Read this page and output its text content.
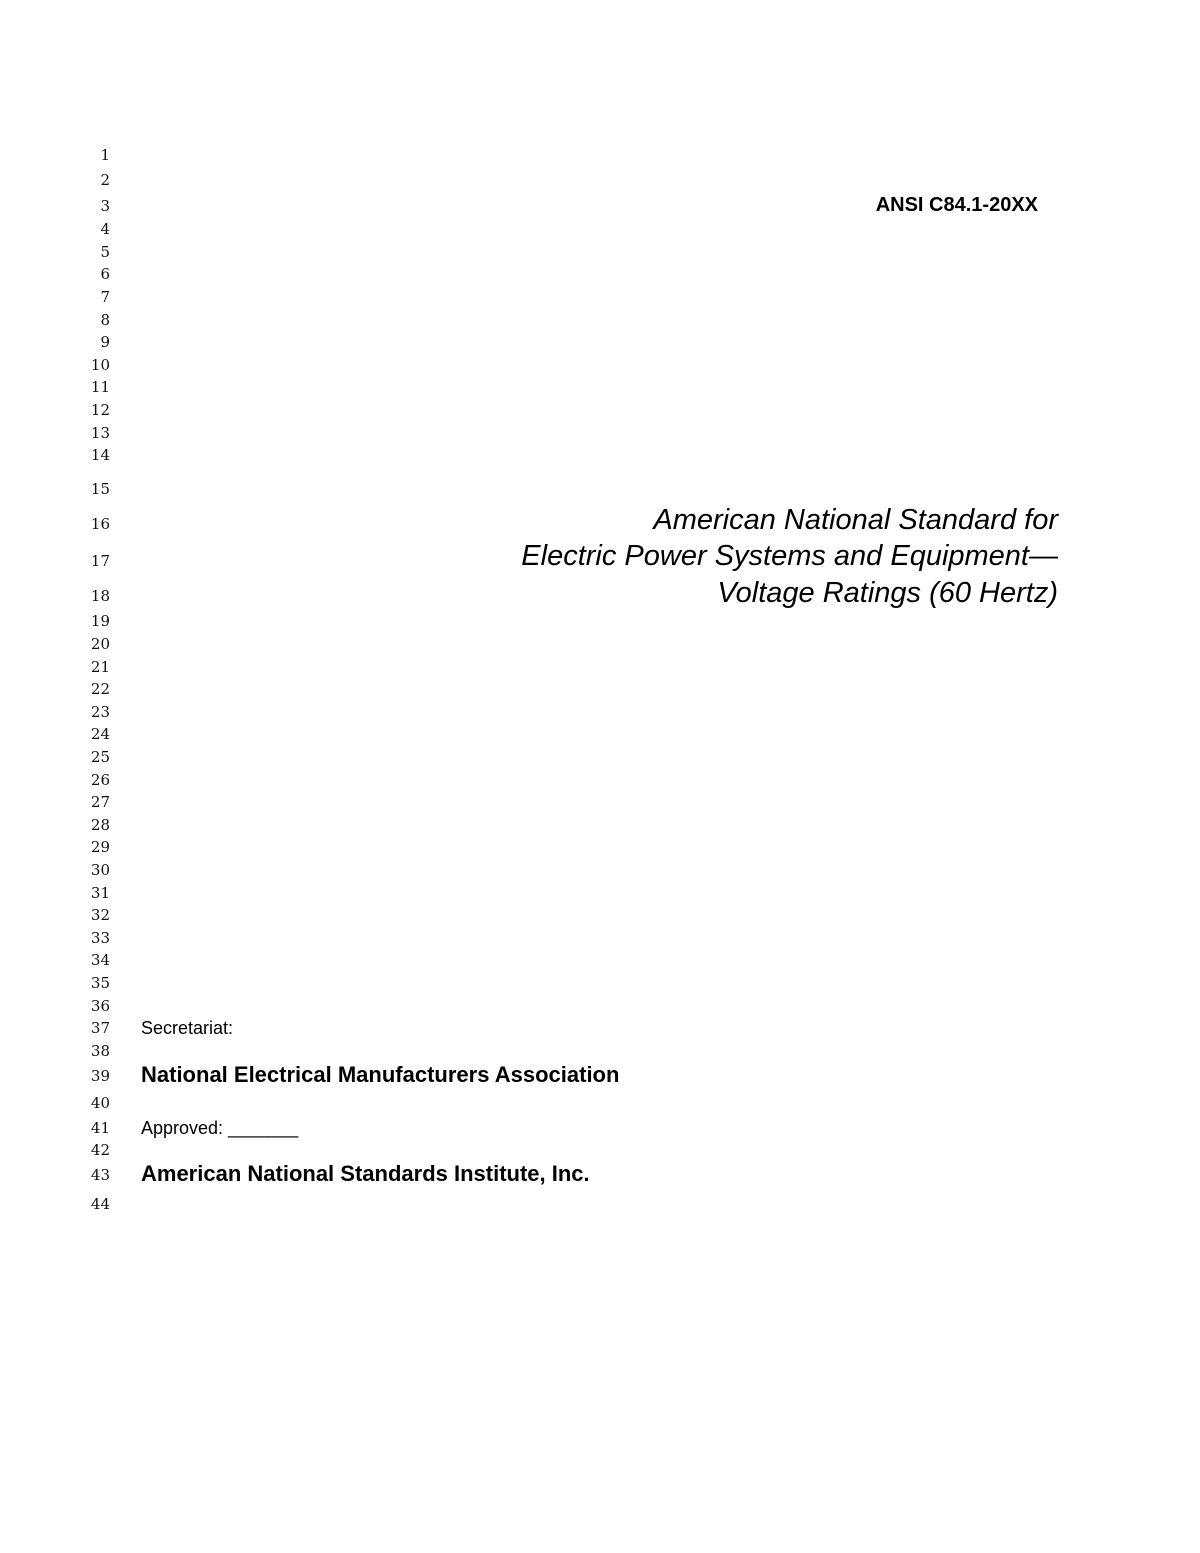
1
2
3
4
5
6
7
8
9
10
11
12
13
14
15
16
17
18
19
20
21
22
23
24
25
26
27
28
29
30
31
32
33
34
35
36
37
38
39
40
41
42
43
44
ANSI C84.1-20XX
American National Standard for
Electric Power Systems and Equipment—
Voltage Ratings (60 Hertz)
Secretariat:
National Electrical Manufacturers Association
Approved: _______
American National Standards Institute, Inc.
